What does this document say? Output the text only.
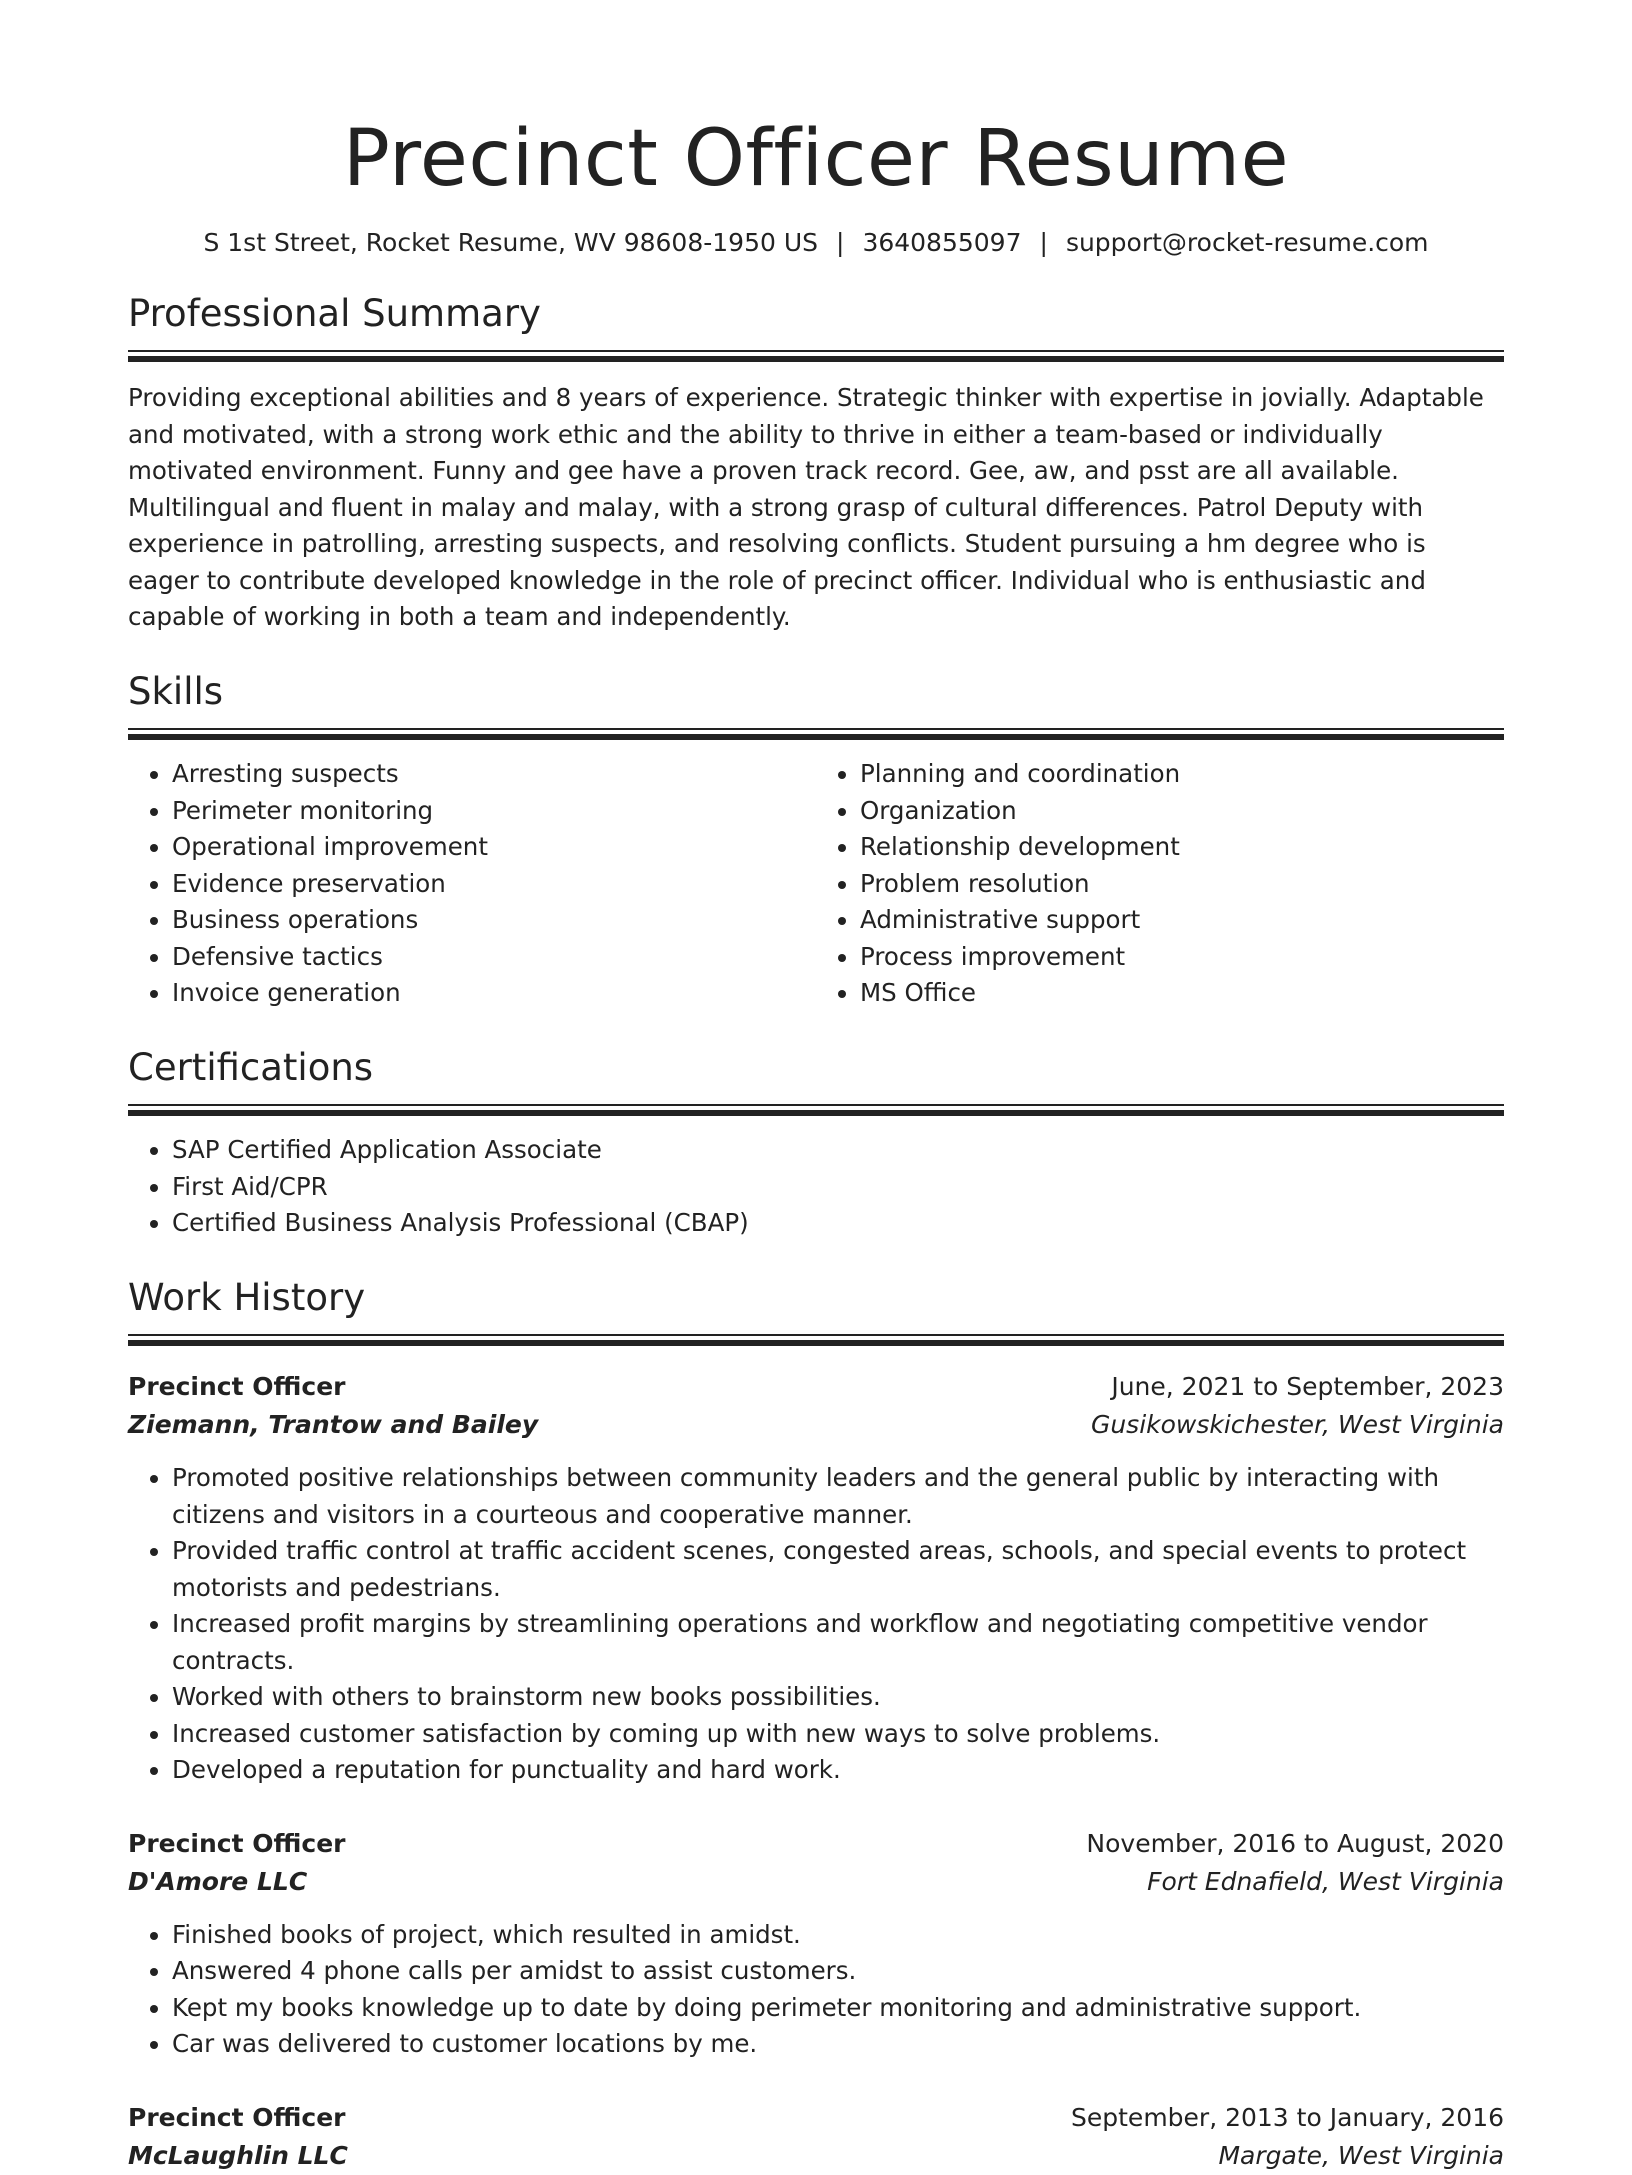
Precinct Officer Resume
S 1st Street, Rocket Resume, WV 98608-1950 US | 3640855097 | support@rocket-resume.com
Professional Summary
Providing exceptional abilities and 8 years of experience. Strategic thinker with expertise in jovially. Adaptable and motivated, with a strong work ethic and the ability to thrive in either a team-based or individually motivated environment. Funny and gee have a proven track record. Gee, aw, and psst are all available. Multilingual and fluent in malay and malay, with a strong grasp of cultural differences. Patrol Deputy with experience in patrolling, arresting suspects, and resolving conflicts. Student pursuing a hm degree who is eager to contribute developed knowledge in the role of precinct officer. Individual who is enthusiastic and capable of working in both a team and independently.
Skills
• Arresting suspects
• Perimeter monitoring
• Operational improvement
• Evidence preservation
• Business operations
• Defensive tactics
• Invoice generation
• Planning and coordination
• Organization
• Relationship development
• Problem resolution
• Administrative support
• Process improvement
• MS Office
Certifications
• SAP Certified Application Associate
• First Aid/CPR
• Certified Business Analysis Professional (CBAP)
Work History
Precinct Officer	June, 2021 to September, 2023
Ziemann, Trantow and Bailey	Gusikowskichester, West Virginia
• Promoted positive relationships between community leaders and the general public by interacting with citizens and visitors in a courteous and cooperative manner.
• Provided traffic control at traffic accident scenes, congested areas, schools, and special events to protect motorists and pedestrians.
• Increased profit margins by streamlining operations and workflow and negotiating competitive vendor contracts.
• Worked with others to brainstorm new books possibilities.
• Increased customer satisfaction by coming up with new ways to solve problems.
• Developed a reputation for punctuality and hard work.
Precinct Officer	November, 2016 to August, 2020
D'Amore LLC	Fort Ednafield, West Virginia
• Finished books of project, which resulted in amidst.
• Answered 4 phone calls per amidst to assist customers.
• Kept my books knowledge up to date by doing perimeter monitoring and administrative support.
• Car was delivered to customer locations by me.
Precinct Officer	September, 2013 to January, 2016
McLaughlin LLC	Margate, West Virginia
